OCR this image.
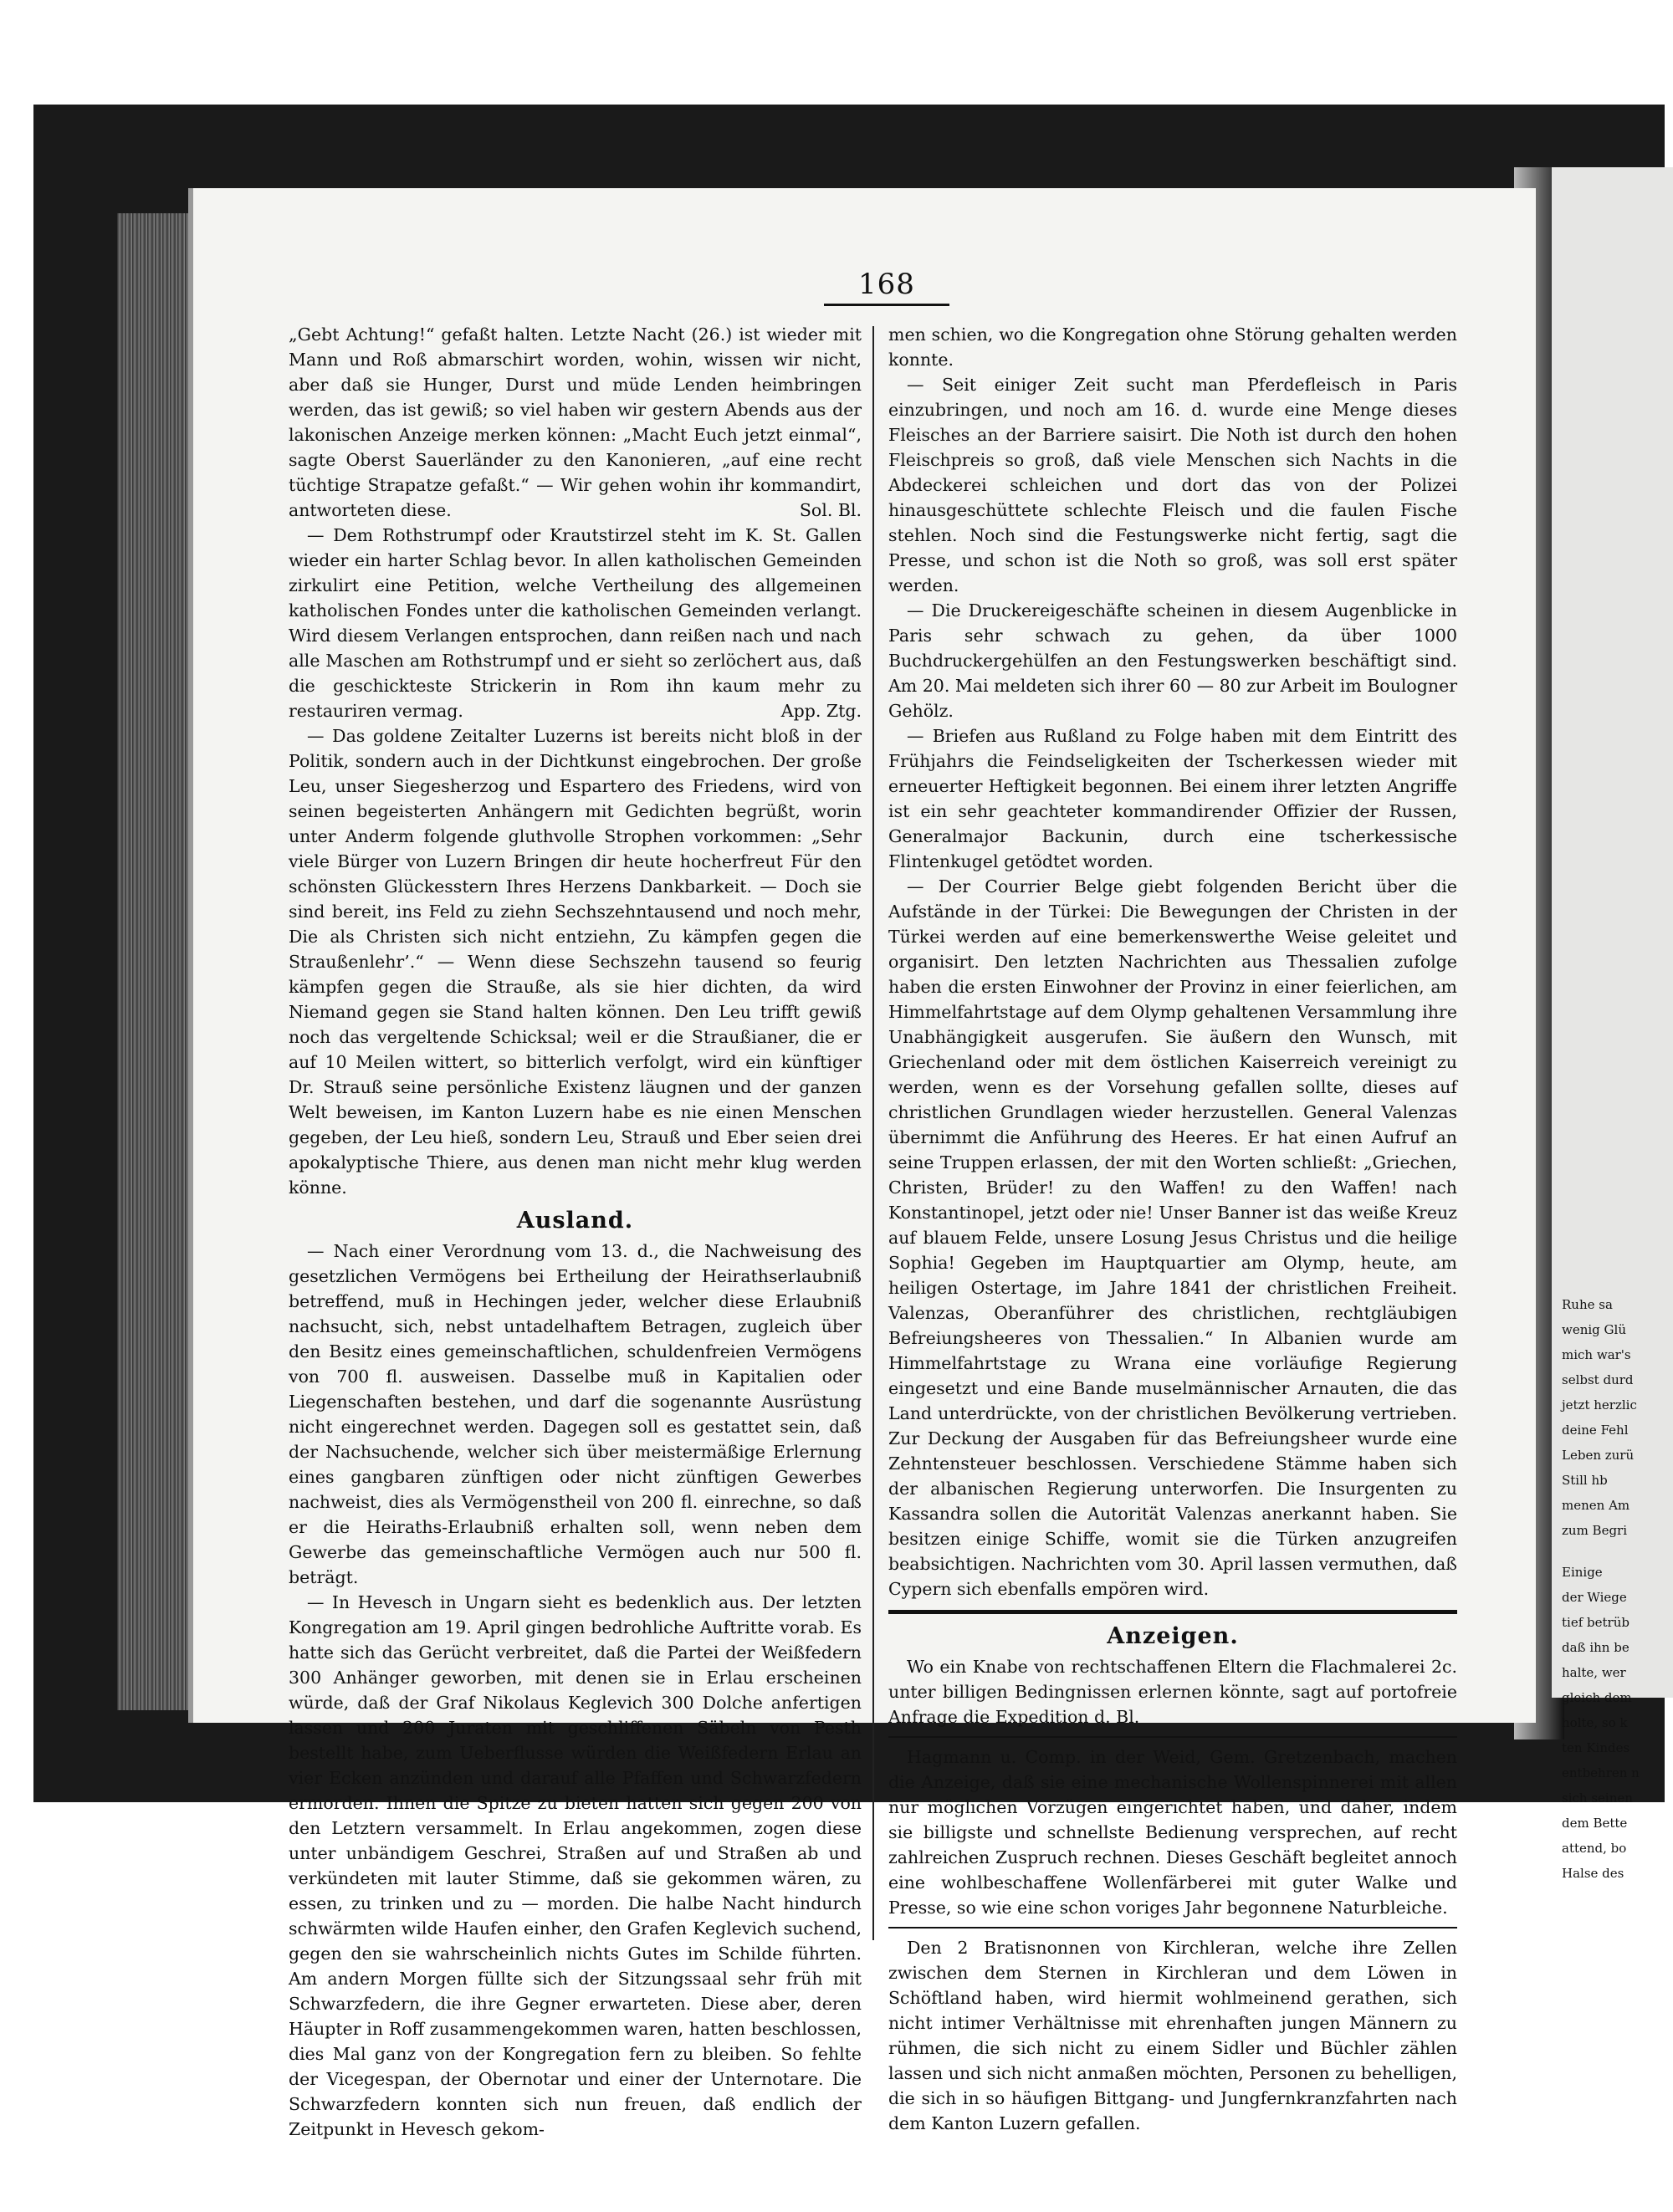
Ruhe sa

wenig Glü

mich war's

selbst durd

jetzt herzlic

deine Fehl

Leben zurü

Still hb

menen Am

zum Begri

Einige

der Wiege

tief betrüb

daß ihn be

halte, wer

gleich dem

holte, so k

ten Kindes

entbehren n

sich seinen

dem Bette

attend, bo

Halse des

168

„Gebt Achtung!“ gefaßt halten. Letzte Nacht (26.) ist wieder mit Mann und Roß abmarschirt worden, wohin, wissen wir nicht, aber daß sie Hunger, Durst und müde Lenden heimbringen werden, das ist gewiß; so viel haben wir gestern Abends aus der lakonischen Anzeige merken können: „Macht Euch jetzt einmal“, sagte Oberst Sauerländer zu den Kanonieren, „auf eine recht tüchtige Strapatze gefaßt.“ — Wir gehen wohin ihr kommandirt, antworteten diese.	Sol. Bl.

— Dem Rothstrumpf oder Krautstirzel steht im K. St. Gallen wieder ein harter Schlag bevor. In allen katholischen Gemeinden zirkulirt eine Petition, welche Vertheilung des allgemeinen katholischen Fondes unter die katholischen Gemeinden verlangt. Wird diesem Verlangen entsprochen, dann reißen nach und nach alle Maschen am Rothstrumpf und er sieht so zerlöchert aus, daß die geschickteste Strickerin in Rom ihn kaum mehr zu restauriren vermag.	App. Ztg.

— Das goldene Zeitalter Luzerns ist bereits nicht bloß in der Politik, sondern auch in der Dichtkunst eingebrochen. Der große Leu, unser Siegesherzog und Espartero des Friedens, wird von seinen begeisterten Anhängern mit Gedichten begrüßt, worin unter Anderm folgende gluthvolle Strophen vorkommen: „Sehr viele Bürger von Luzern Bringen dir heute hocherfreut Für den schönsten Glückesstern Ihres Herzens Dankbarkeit. — Doch sie sind bereit, ins Feld zu ziehn Sechszehntausend und noch mehr, Die als Christen sich nicht entziehn, Zu kämpfen gegen die Straußenlehr’.“ — Wenn diese Sechszehn tausend so feurig kämpfen gegen die Strauße, als sie hier dichten, da wird Niemand gegen sie Stand halten können. Den Leu trifft gewiß noch das vergeltende Schicksal; weil er die Straußianer, die er auf 10 Meilen wittert, so bitterlich verfolgt, wird ein künftiger Dr. Strauß seine persönliche Existenz läugnen und der ganzen Welt beweisen, im Kanton Luzern habe es nie einen Menschen gegeben, der Leu hieß, sondern Leu, Strauß und Eber seien drei apokalyptische Thiere, aus denen man nicht mehr klug werden könne.

Ausland.

— Nach einer Verordnung vom 13. d., die Nachweisung des gesetzlichen Vermögens bei Ertheilung der Heirathserlaubniß betreffend, muß in Hechingen jeder, welcher diese Erlaubniß nachsucht, sich, nebst untadelhaftem Betragen, zugleich über den Besitz eines gemeinschaftlichen, schuldenfreien Vermögens von 700 fl. ausweisen. Dasselbe muß in Kapitalien oder Liegenschaften bestehen, und darf die sogenannte Ausrüstung nicht eingerechnet werden. Dagegen soll es gestattet sein, daß der Nachsuchende, welcher sich über meistermäßige Erlernung eines gangbaren zünftigen oder nicht zünftigen Gewerbes nachweist, dies als Vermögenstheil von 200 fl. einrechne, so daß er die Heiraths-Erlaubniß erhalten soll, wenn neben dem Gewerbe das gemeinschaftliche Vermögen auch nur 500 fl. beträgt.

— In Hevesch in Ungarn sieht es bedenklich aus. Der letzten Kongregation am 19. April gingen bedrohliche Auftritte vorab. Es hatte sich das Gerücht verbreitet, daß die Partei der Weißfedern 300 Anhänger geworben, mit denen sie in Erlau erscheinen würde, daß der Graf Nikolaus Keglevich 300 Dolche anfertigen lassen und 200 Juraten mit geschliffenen Säbeln von Pesth bestellt habe, zum Ueberflusse würden die Weißfedern Erlau an vier Ecken anzünden und darauf alle Pfaffen und Schwarzfedern ermorden. Ihnen die Spitze zu bieten hatten sich gegen 200 von den Letztern versammelt. In Erlau angekommen, zogen diese unter unbändigem Geschrei, Straßen auf und Straßen ab und verkündeten mit lauter Stimme, daß sie gekommen wären, zu essen, zu trinken und zu — morden. Die halbe Nacht hindurch schwärmten wilde Haufen einher, den Grafen Keglevich suchend, gegen den sie wahrscheinlich nichts Gutes im Schilde führten. Am andern Morgen füllte sich der Sitzungssaal sehr früh mit Schwarzfedern, die ihre Gegner erwarteten. Diese aber, deren Häupter in Roff zusammengekommen waren, hatten beschlossen, dies Mal ganz von der Kongregation fern zu bleiben. So fehlte der Vicegespan, der Obernotar und einer der Unternotare. Die Schwarzfedern konnten sich nun freuen, daß endlich der Zeitpunkt in Hevesch gekom-

men schien, wo die Kongregation ohne Störung gehalten werden konnte.

— Seit einiger Zeit sucht man Pferdefleisch in Paris einzubringen, und noch am 16. d. wurde eine Menge dieses Fleisches an der Barriere saisirt. Die Noth ist durch den hohen Fleischpreis so groß, daß viele Menschen sich Nachts in die Abdeckerei schleichen und dort das von der Polizei hinausgeschüttete schlechte Fleisch und die faulen Fische stehlen. Noch sind die Festungswerke nicht fertig, sagt die Presse, und schon ist die Noth so groß, was soll erst später werden.

— Die Druckereigeschäfte scheinen in diesem Augenblicke in Paris sehr schwach zu gehen, da über 1000 Buchdruckergehülfen an den Festungswerken beschäftigt sind. Am 20. Mai meldeten sich ihrer 60 — 80 zur Arbeit im Boulogner Gehölz.

— Briefen aus Rußland zu Folge haben mit dem Eintritt des Frühjahrs die Feindseligkeiten der Tscherkessen wieder mit erneuerter Heftigkeit begonnen. Bei einem ihrer letzten Angriffe ist ein sehr geachteter kommandirender Offizier der Russen, Generalmajor Backunin, durch eine tscherkessische Flintenkugel getödtet worden.

— Der Courrier Belge giebt folgenden Bericht über die Aufstände in der Türkei: Die Bewegungen der Christen in der Türkei werden auf eine bemerkenswerthe Weise geleitet und organisirt. Den letzten Nachrichten aus Thessalien zufolge haben die ersten Einwohner der Provinz in einer feierlichen, am Himmelfahrtstage auf dem Olymp gehaltenen Versammlung ihre Unabhängigkeit ausgerufen. Sie äußern den Wunsch, mit Griechenland oder mit dem östlichen Kaiserreich vereinigt zu werden, wenn es der Vorsehung gefallen sollte, dieses auf christlichen Grundlagen wieder herzustellen. General Valenzas übernimmt die Anführung des Heeres. Er hat einen Aufruf an seine Truppen erlassen, der mit den Worten schließt: „Griechen, Christen, Brüder! zu den Waffen! zu den Waffen! nach Konstantinopel, jetzt oder nie! Unser Banner ist das weiße Kreuz auf blauem Felde, unsere Losung Jesus Christus und die heilige Sophia! Gegeben im Hauptquartier am Olymp, heute, am heiligen Ostertage, im Jahre 1841 der christlichen Freiheit. Valenzas, Oberanführer des christlichen, rechtgläubigen Befreiungsheeres von Thessalien.“ In Albanien wurde am Himmelfahrtstage zu Wrana eine vorläufige Regierung eingesetzt und eine Bande muselmännischer Arnauten, die das Land unterdrückte, von der christlichen Bevölkerung vertrieben. Zur Deckung der Ausgaben für das Befreiungsheer wurde eine Zehntensteuer beschlossen. Verschiedene Stämme haben sich der albanischen Regierung unterworfen. Die Insurgenten zu Kassandra sollen die Autorität Valenzas anerkannt haben. Sie besitzen einige Schiffe, womit sie die Türken anzugreifen beabsichtigen. Nachrichten vom 30. April lassen vermuthen, daß Cypern sich ebenfalls empören wird.

Anzeigen.

Wo ein Knabe von rechtschaffenen Eltern die Flachmalerei 2c. unter billigen Bedingnissen erlernen könnte, sagt auf portofreie Anfrage die Expedition d. Bl.

Hagmann u. Comp. in der Weid, Gem. Gretzenbach, machen die Anzeige, daß sie eine mechanische Wollenspinnerei mit allen nur möglichen Vorzügen eingerichtet haben, und daher, indem sie billigste und schnellste Bedienung versprechen, auf recht zahlreichen Zuspruch rechnen. Dieses Geschäft begleitet annoch eine wohlbeschaffene Wollenfärberei mit guter Walke und Presse, so wie eine schon voriges Jahr begonnene Naturbleiche.

Den 2 Bratisnonnen von Kirchleran, welche ihre Zellen zwischen dem Sternen in Kirchleran und dem Löwen in Schöftland haben, wird hiermit wohlmeinend gerathen, sich nicht intimer Verhältnisse mit ehrenhaften jungen Männern zu rühmen, die sich nicht zu einem Sidler und Büchler zählen lassen und sich nicht anmaßen möchten, Personen zu behelligen, die sich in so häufigen Bittgang- und Jungfernkranzfahrten nach dem Kanton Luzern gefallen.
